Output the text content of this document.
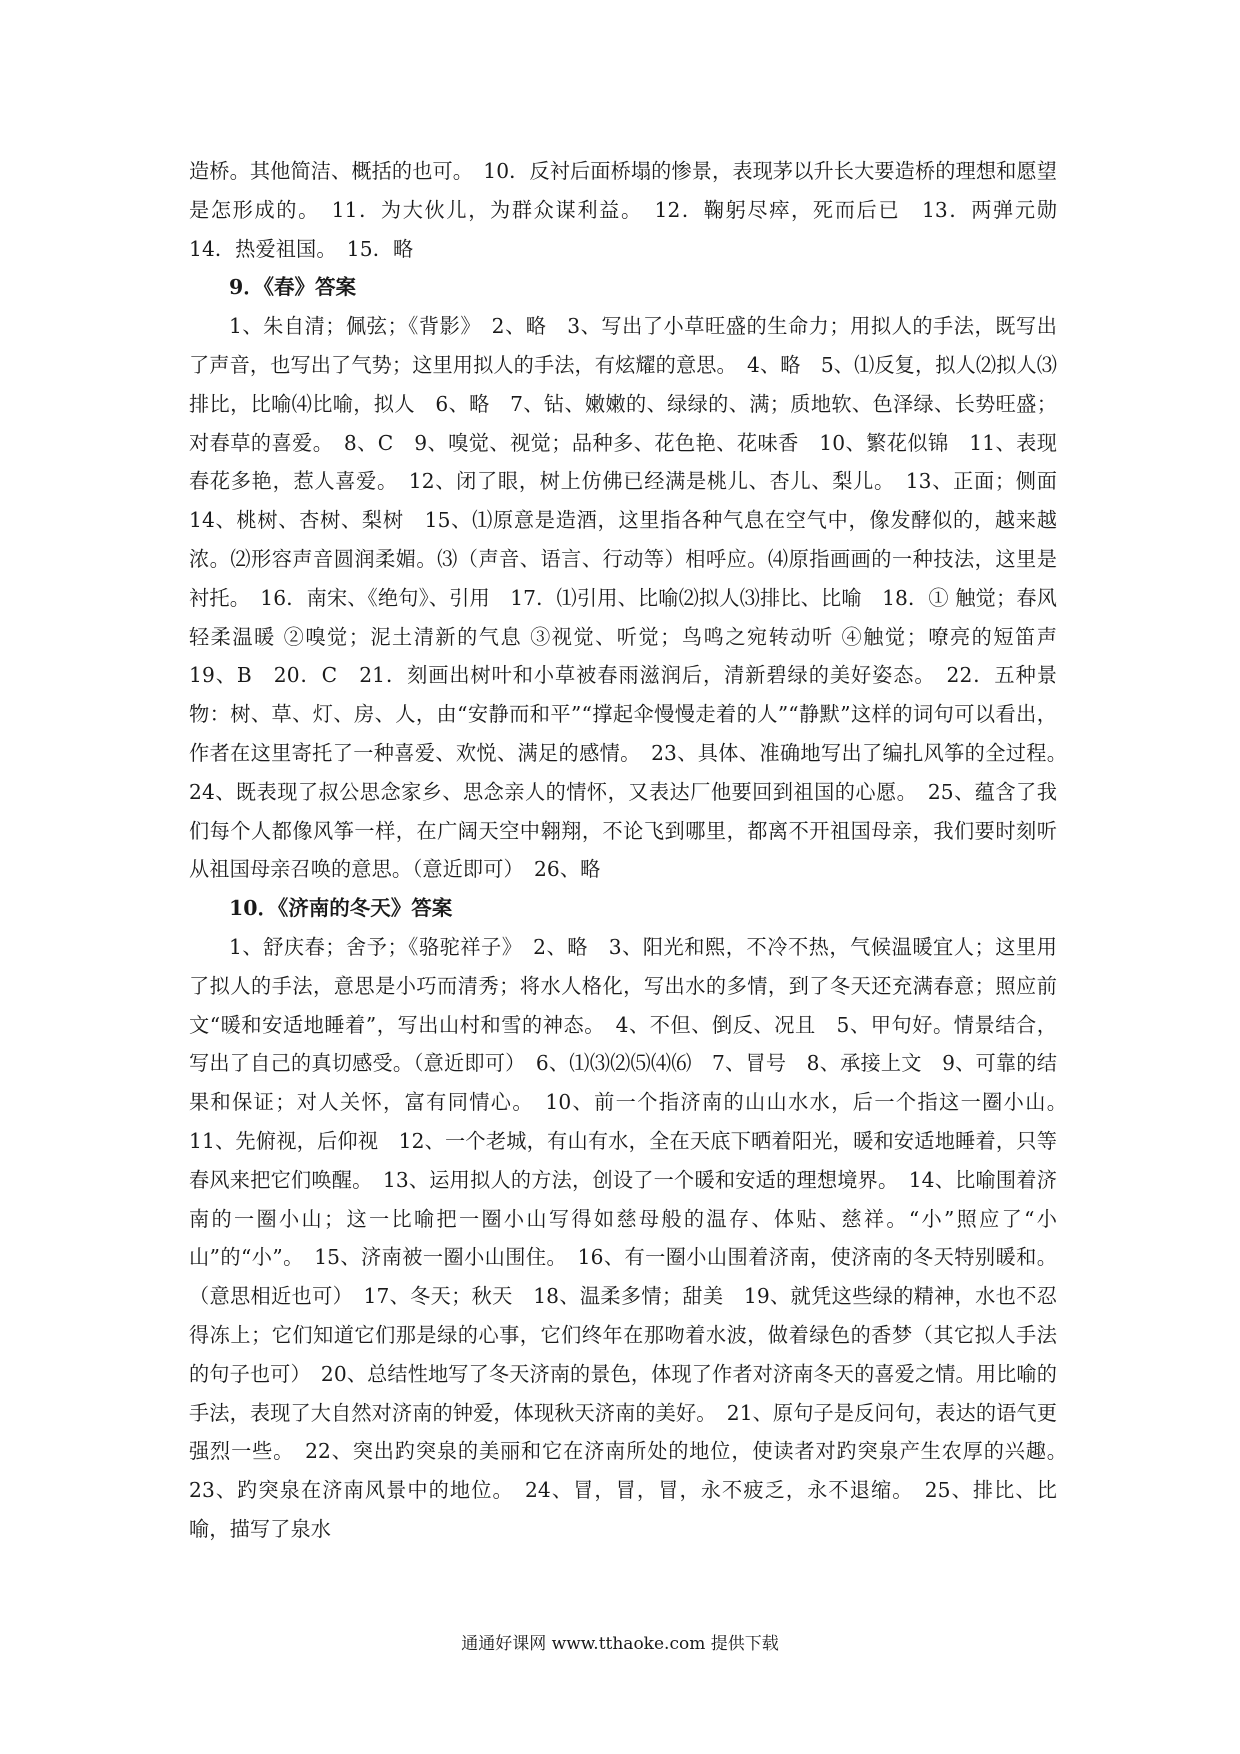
造桥。其他简洁、概括的也可。　10．反衬后面桥塌的惨景，表现茅以升长大要造桥的理想和愿望是怎形成的。　11．为大伙儿，为群众谋利益。　12．鞠躬尽瘁，死而后已　13．两弹元勋　14．热爱祖国。　15．略

9．《春》答案

1、朱自清；佩弦；《背影》　2、略　3、写出了小草旺盛的生命力；用拟人的手法，既写出了声音，也写出了气势；这里用拟人的手法，有炫耀的意思。　4、略　5、⑴反复，拟人⑵拟人⑶排比，比喻⑷比喻，拟人　6、略　7、钻、嫩嫩的、绿绿的、满；质地软、色泽绿、长势旺盛；对春草的喜爱。　8、C　9、嗅觉、视觉；品种多、花色艳、花味香　10、繁花似锦　11、表现春花多艳，惹人喜爱。　12、闭了眼，树上仿佛已经满是桃儿、杏儿、梨儿。　13、正面；侧面　14、桃树、杏树、梨树　15、⑴原意是造酒，这里指各种气息在空气中，像发酵似的，越来越浓。⑵形容声音圆润柔媚。⑶（声音、语言、行动等）相呼应。⑷原指画画的一种技法，这里是衬托。　16．南宋、《绝句》、引用　17．⑴引用、比喻⑵拟人⑶排比、比喻　18．① 触觉；春风轻柔温暖 ②嗅觉；泥土清新的气息 ③视觉、听觉；鸟鸣之宛转动听 ④触觉；嘹亮的短笛声　19、B　20．C　21．刻画出树叶和小草被春雨滋润后，清新碧绿的美好姿态。　22．五种景物：树、草、灯、房、人，由“安静而和平”“撑起伞慢慢走着的人”“静默”这样的词句可以看出，作者在这里寄托了一种喜爱、欢悦、满足的感情。　23、具体、准确地写出了编扎风筝的全过程。　24、既表现了叔公思念家乡、思念亲人的情怀，又表达厂他要回到祖国的心愿。　25、蕴含了我们每个人都像风筝一样，在广阔天空中翱翔，不论飞到哪里，都离不开祖国母亲，我们要时刻听从祖国母亲召唤的意思。（意近即可）　26、略

10．《济南的冬天》答案

1、舒庆春；舍予；《骆驼祥子》　2、略　3、阳光和熙，不冷不热，气候温暖宜人；这里用了拟人的手法，意思是小巧而清秀；将水人格化，写出水的多情，到了冬天还充满春意；照应前文“暖和安适地睡着”，写出山村和雪的神态。　4、不但、倒反、况且　5、甲句好。情景结合，写出了自己的真切感受。（意近即可）　6、⑴⑶⑵⑸⑷⑹　7、冒号　8、承接上文　9、可靠的结果和保证；对人关怀，富有同情心。　10、前一个指济南的山山水水，后一个指这一圈小山。　11、先俯视，后仰视　12、一个老城，有山有水，全在天底下晒着阳光，暖和安适地睡着，只等春风来把它们唤醒。　13、运用拟人的方法，创设了一个暖和安适的理想境界。　14、比喻围着济南的一圈小山；这一比喻把一圈小山写得如慈母般的温存、体贴、慈祥。“小”照应了“小山”的“小”。　15、济南被一圈小山围住。　16、有一圈小山围着济南，使济南的冬天特别暖和。（意思相近也可）　17、冬天；秋天　18、温柔多情；甜美　19、就凭这些绿的精神，水也不忍得冻上；它们知道它们那是绿的心事，它们终年在那吻着水波，做着绿色的香梦（其它拟人手法的句子也可）　20、总结性地写了冬天济南的景色，体现了作者对济南冬天的喜爱之情。用比喻的手法，表现了大自然对济南的钟爱，体现秋天济南的美好。　21、原句子是反问句，表达的语气更强烈一些。　22、突出趵突泉的美丽和它在济南所处的地位，使读者对趵突泉产生农厚的兴趣。　23、趵突泉在济南风景中的地位。　24、冒，冒，冒，永不疲乏，永不退缩。　25、排比、比喻，描写了泉水

通通好课网 www.tthaoke.com 提供下载
